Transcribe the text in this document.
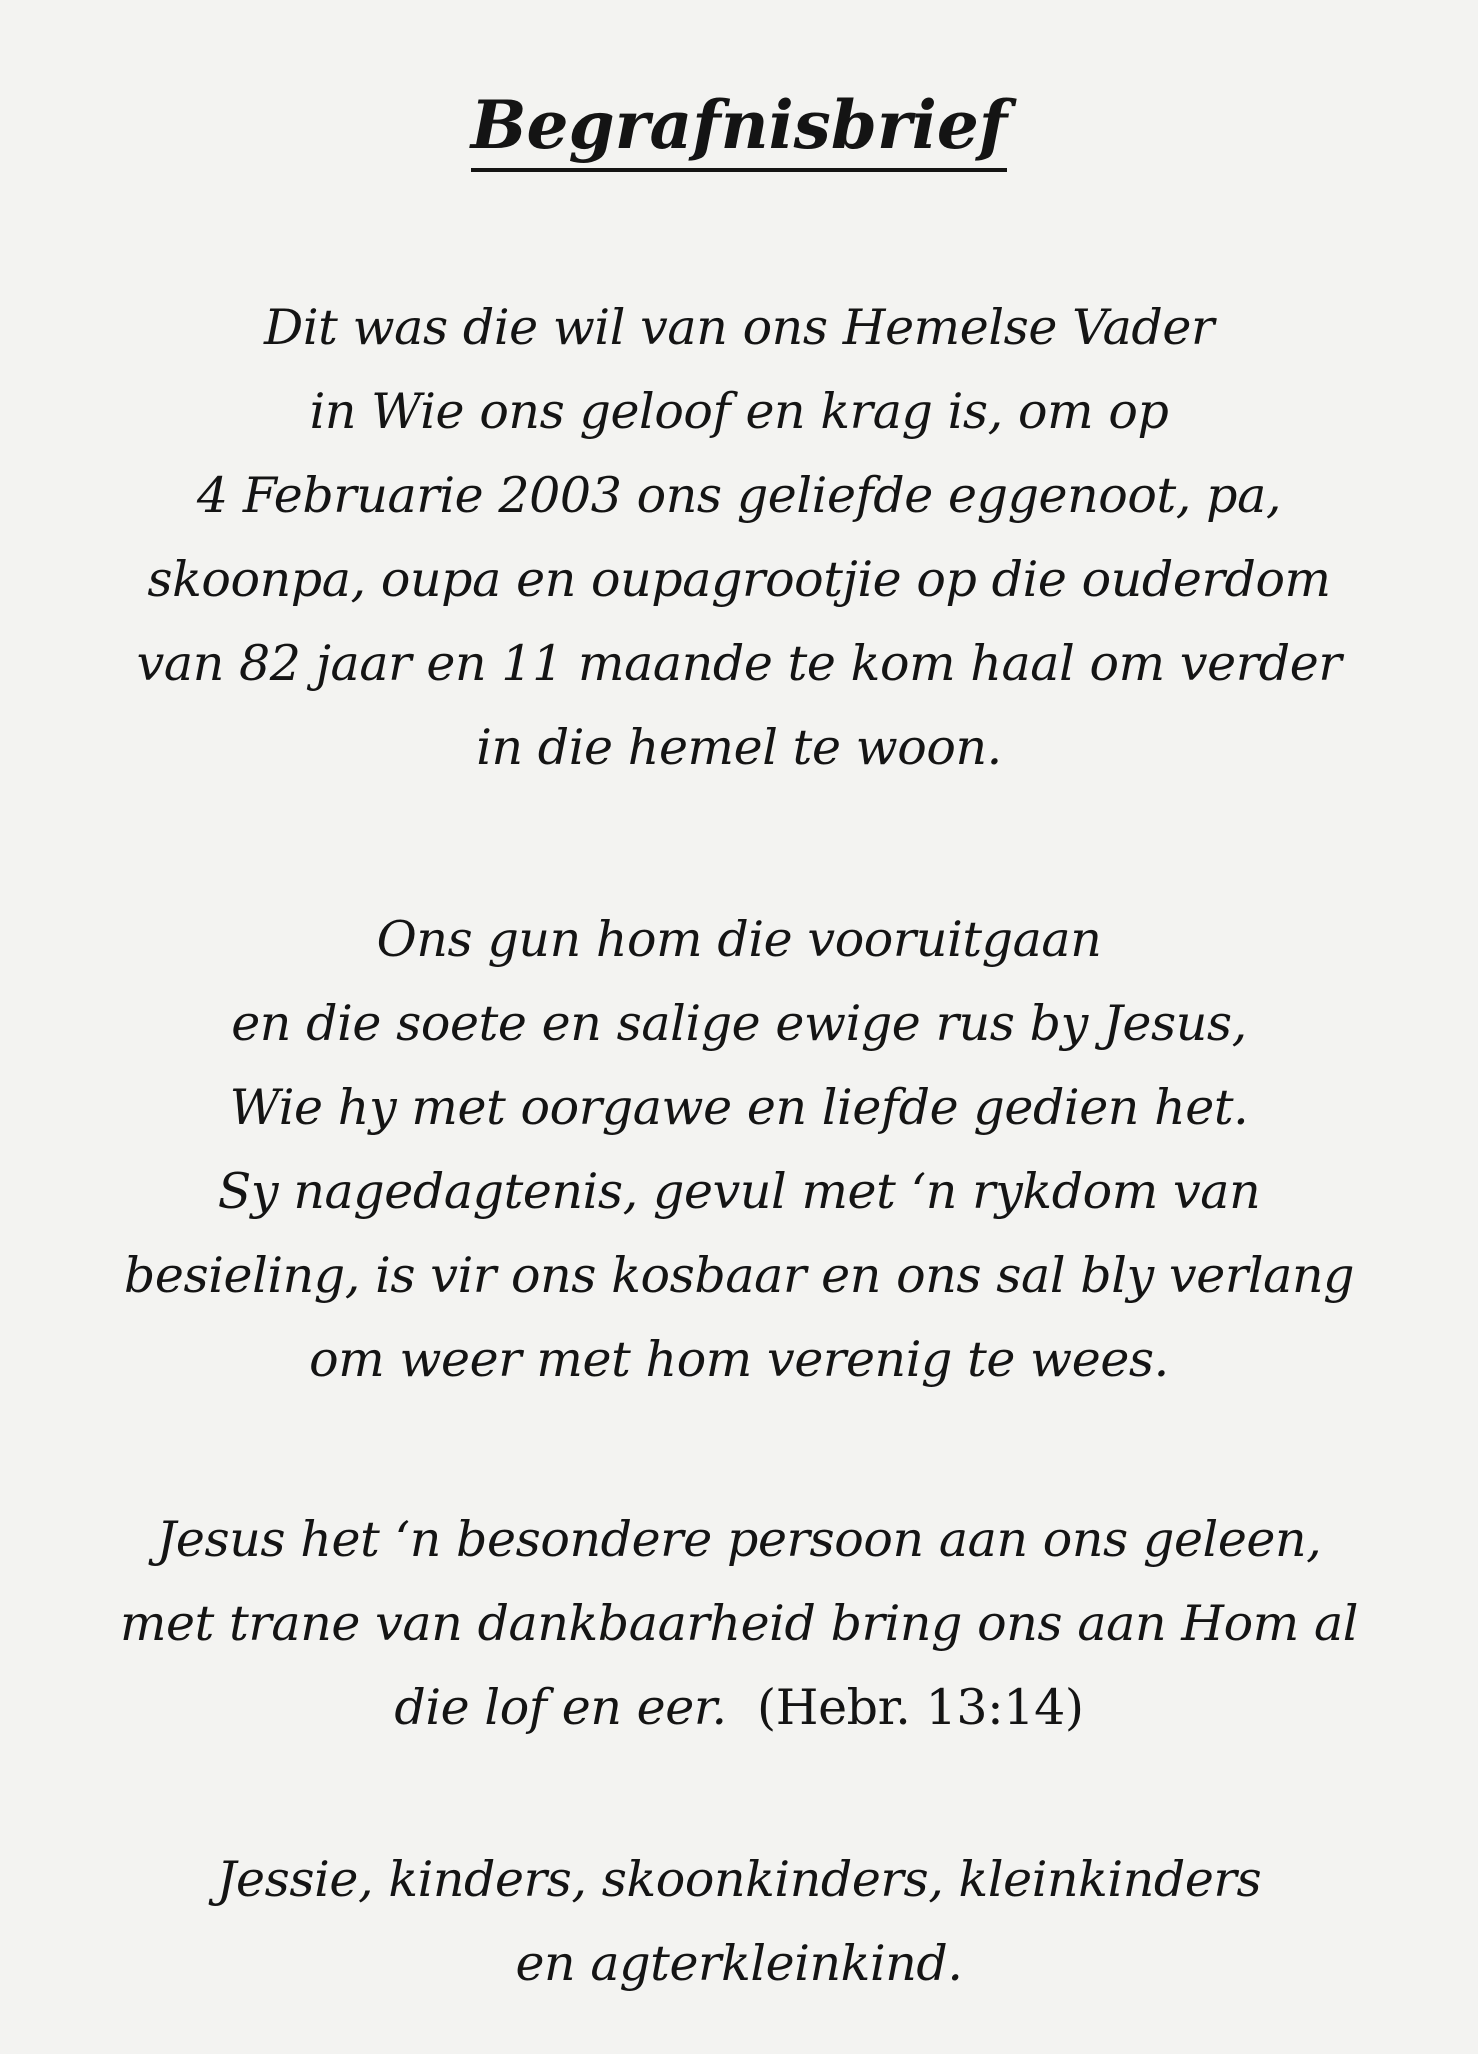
Begrafnisbrief
Dit was die wil van ons Hemelse Vader
in Wie ons geloof en krag is, om op
4 Februarie 2003 ons geliefde eggenoot, pa,
skoonpa, oupa en oupagrootjie op die ouderdom
van 82 jaar en 11 maande te kom haal om verder
in die hemel te woon.
Ons gun hom die vooruitgaan
en die soete en salige ewige rus by Jesus,
Wie hy met oorgawe en liefde gedien het.
Sy nagedagtenis, gevul met ‘n rykdom van
besieling, is vir ons kosbaar en ons sal bly verlang
om weer met hom verenig te wees.
Jesus het ‘n besondere persoon aan ons geleen,
met trane van dankbaarheid bring ons aan Hom al
die lof en eer. (Hebr. 13:14)
Jessie, kinders, skoonkinders, kleinkinders
en agterkleinkind.
